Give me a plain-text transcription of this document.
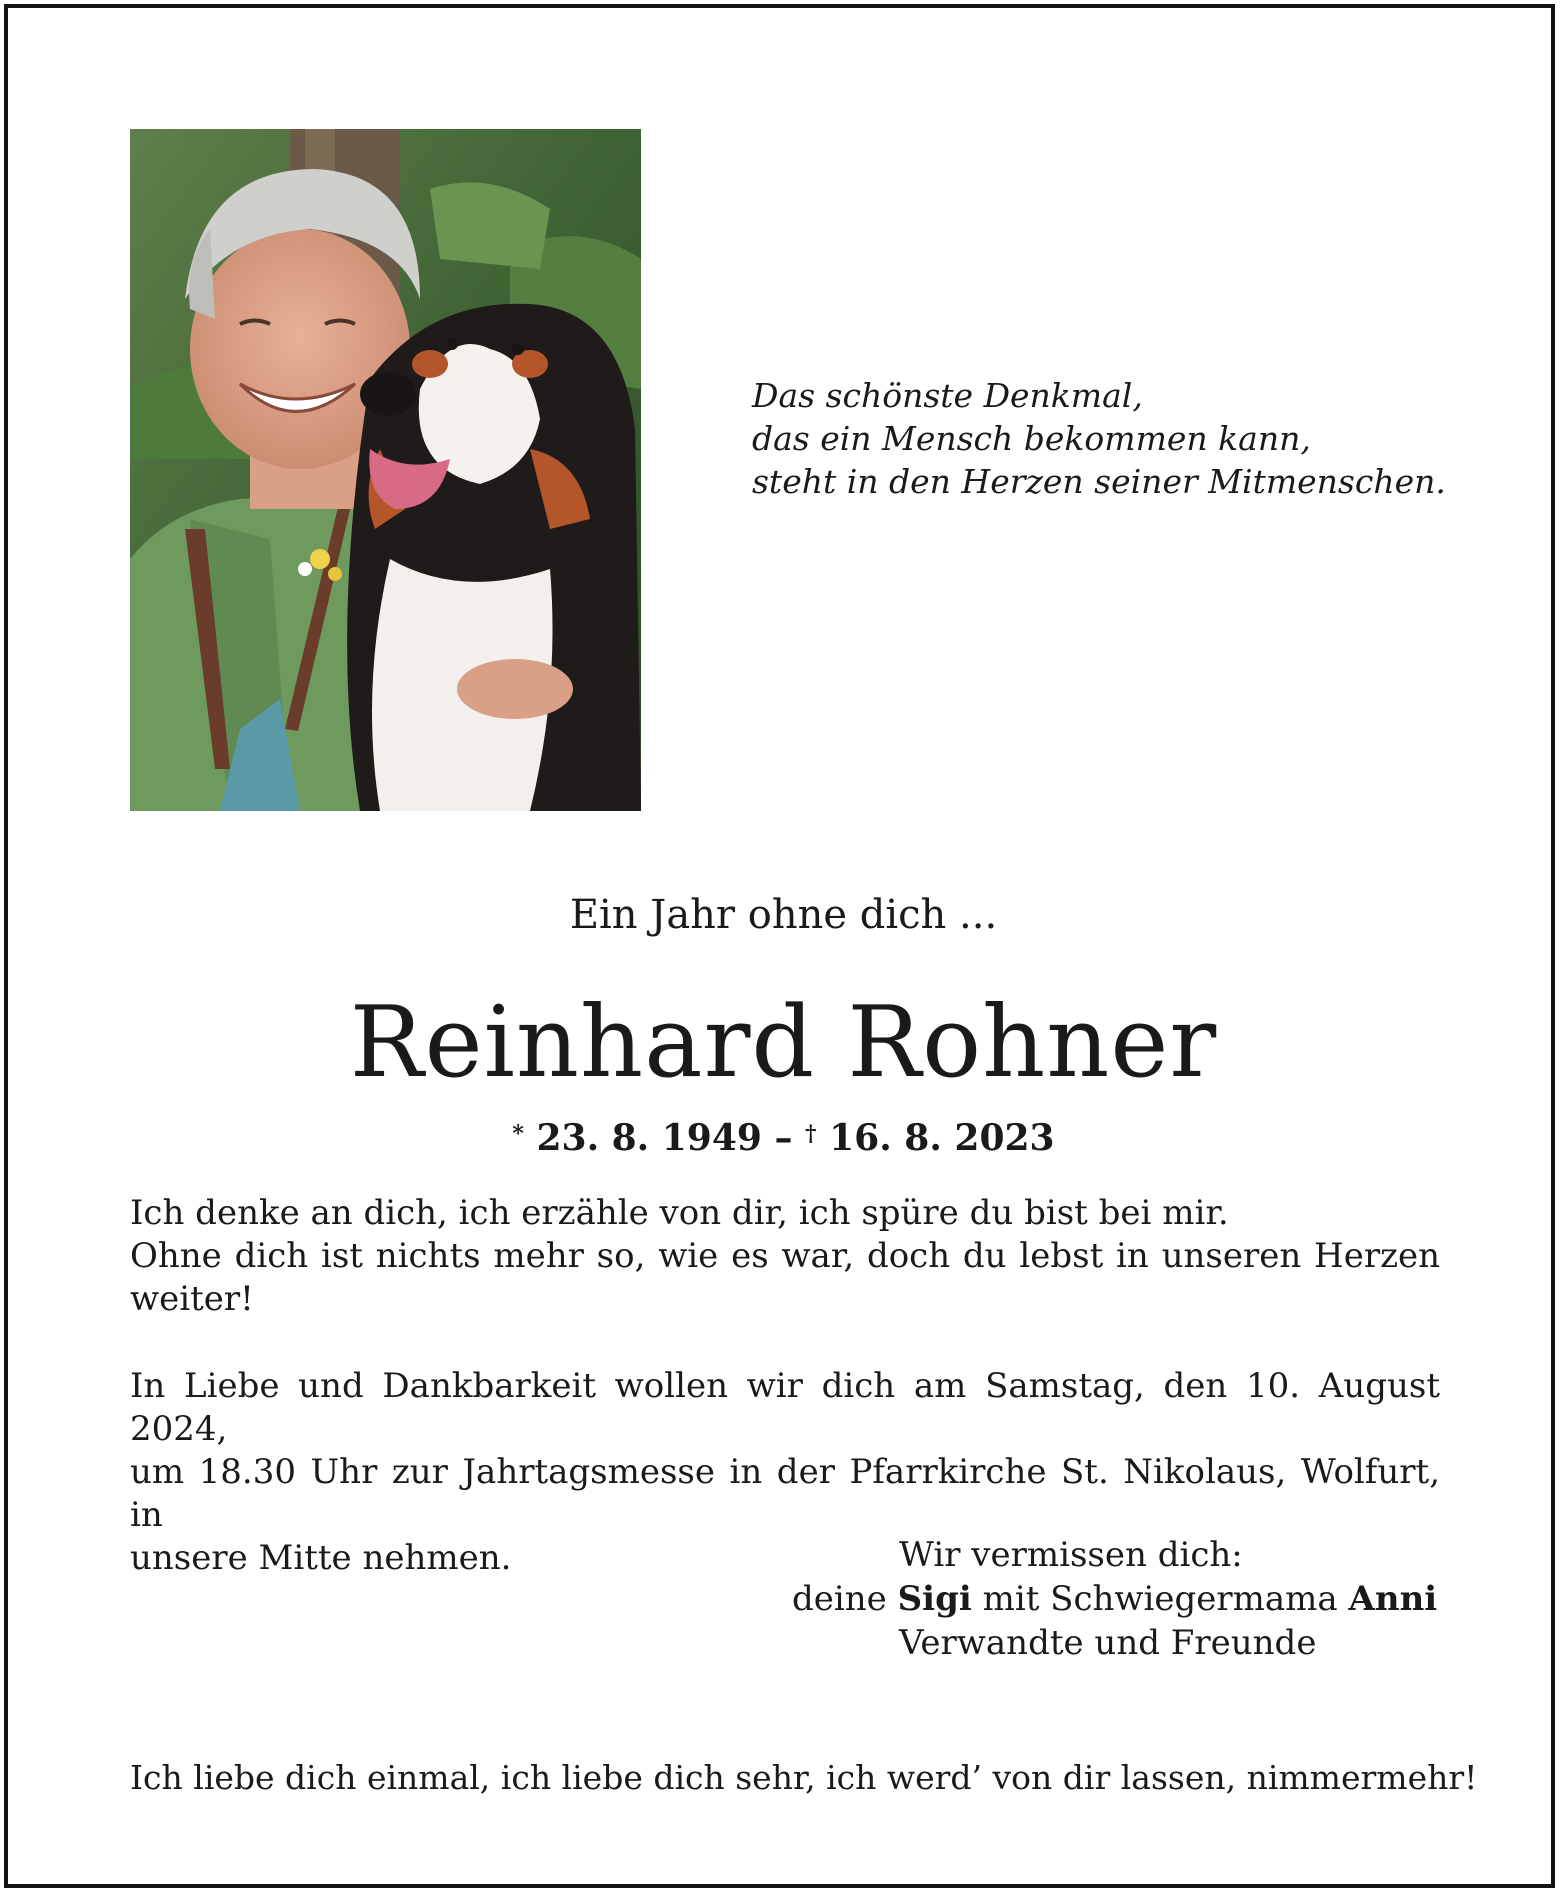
Das schönste Denkmal,
das ein Mensch bekommen kann,
steht in den Herzen seiner Mitmenschen.
Ein Jahr ohne dich ...
Reinhard Rohner
* 23. 8. 1949 – † 16. 8. 2023
Ich denke an dich, ich erzähle von dir, ich spüre du bist bei mir.
Ohne dich ist nichts mehr so, wie es war, doch du lebst in unseren Herzen
weiter!
In Liebe und Dankbarkeit wollen wir dich am Samstag, den 10. August 2024,
um 18.30 Uhr zur Jahrtagsmesse in der Pfarrkirche St. Nikolaus, Wolfurt, in
unsere Mitte nehmen.	Wir vermissen dich:
deine Sigi mit Schwiegermama Anni
Verwandte und Freunde
Ich liebe dich einmal, ich liebe dich sehr, ich werd’ von dir lassen, nimmermehr!
